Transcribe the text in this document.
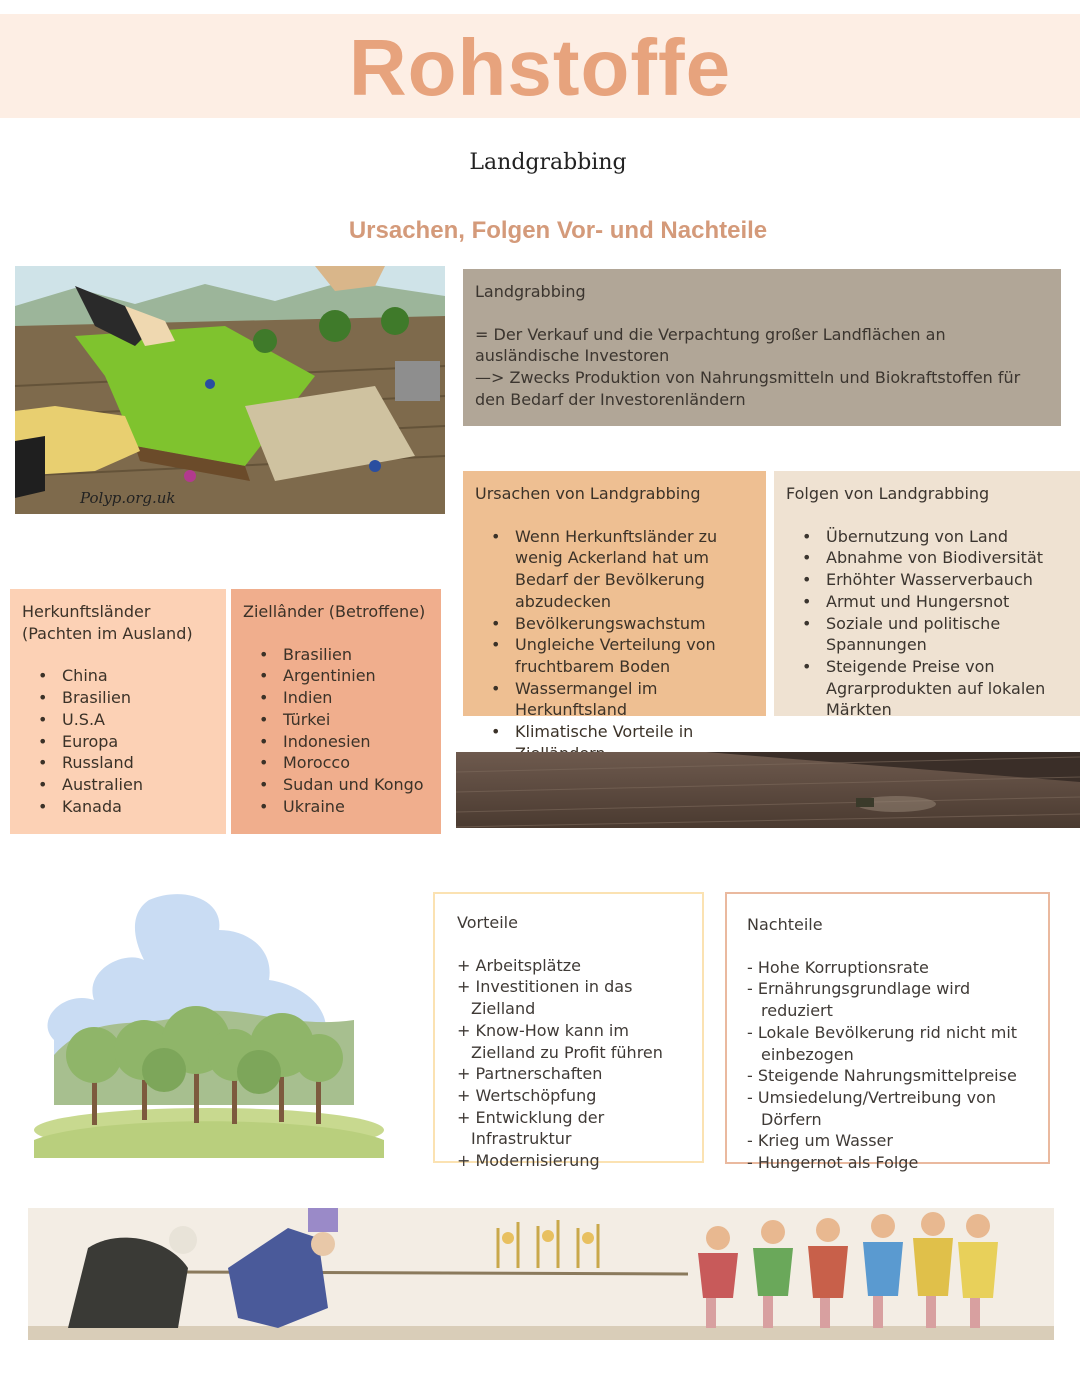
Rohstoffe
Landgrabbing
Ursachen, Folgen Vor- und Nachteile
Polyp.org.uk
Landgrabbing
= Der Verkauf und die Verpachtung großer Landflächen an ausländische Investoren
—> Zwecks Produktion von Nahrungsmitteln und Biokraftstoffen für den Bedarf der Investorenländern
Ursachen von Landgrabbing
• Wenn Herkunftsländer zu wenig Ackerland hat um Bedarf der Bevölkerung abzudecken
• Bevölkerungswachstum
• Ungleiche Verteilung von fruchtbarem Boden
• Wassermangel im Herkunftsland
• Klimatische Vorteile in
Folgen von Landgrabbing
• Übernutzung von Land
• Abnahme von Biodiversität
• Erhöhter Wasserverbauch
• Armut und Hungersnot
• Soziale und politische Spannungen
• Steigende Preise von Agrarprodukten auf lokalen Märkten
Herkunftsländer (Pachten im Ausland)
• China
• Brasilien
• U.S.A
• Europa
• Russland
• Australien
• Kanada
Ziellânder (Betroffene)
• Brasilien
• Argentinien
• Indien
• Türkei
• Indonesien
• Morocco
• Sudan und Kongo
• Ukraine
Vorteile
+ Arbeitsplätze
+ Investitionen in das Zielland
+ Know-How kann im Zielland zu Profit führen
+ Partnerschaften
+ Wertschöpfung
+ Entwicklung der Infrastruktur
+ Modernisierung
Nachteile
- Hohe Korruptionsrate
- Ernährungsgrundlage wird reduziert
- Lokale Bevölkerung rid nicht mit einbezogen
- Steigende Nahrungsmittelpreise
- Umsiedelung/Vertreibung von Dörfern
- Krieg um Wasser
- Hungernot als Folge
